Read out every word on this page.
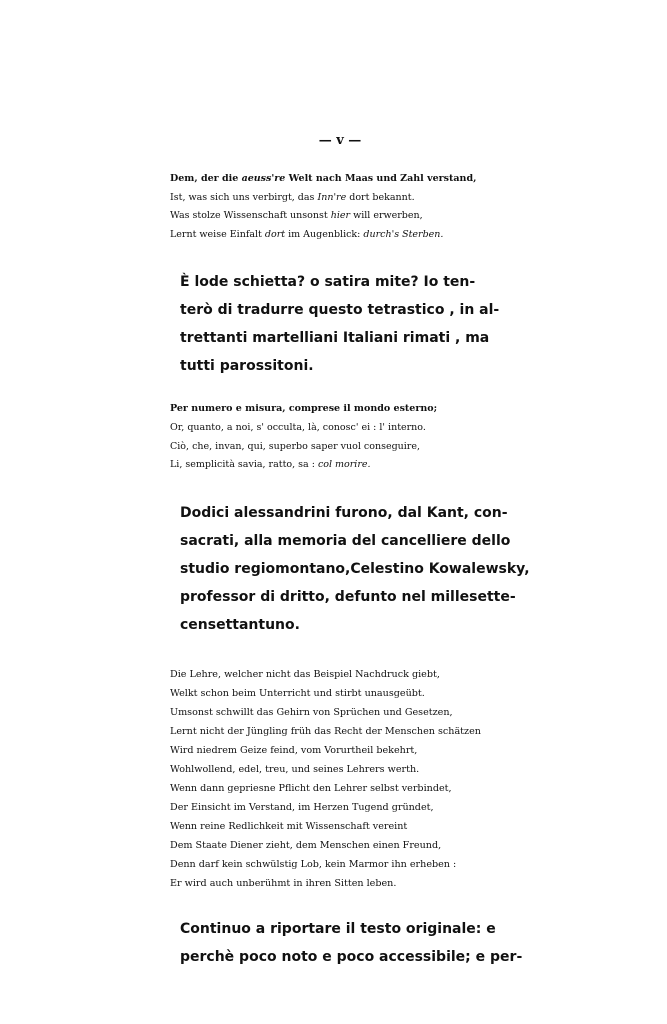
— v —
Dem, der die aeuss're Welt nach Maas und Zahl verstand,
Ist, was sich uns verbirgt, das Inn're dort bekannt.
Was stolze Wissenschaft unsonst hier will erwerben,
Lernt weise Einfalt dort im Augenblick: durch's Sterben.
È lode schietta? o satira mite? Io ten-
terò di tradurre questo tetrastico , in al-
trettanti martelliani Italiani rimati , ma
tutti parossitoni.
Per numero e misura, comprese il mondo esterno;
Or, quanto, a noi, s' occulta, là, conosc' ei : l' interno.
Ciò, che, invan, qui, superbo saper vuol conseguire,
Li, semplicità savia, ratto, sa : col morire.
Dodici alessandrini furono, dal Kant, con-
sacrati, alla memoria del cancelliere dello
studio regiomontano,Celestino Kowalewsky,
professor di dritto, defunto nel millesette-
censettantuno.
Die Lehre, welcher nicht das Beispiel Nachdruck giebt,
Welkt schon beim Unterricht und stirbt unausgeübt.
Umsonst schwillt das Gehirn von Sprüchen und Gesetzen,
Lernt nicht der Jüngling früh das Recht der Menschen schätzen
Wird niedrem Geize feind, vom Vorurtheil bekehrt,
Wohlwollend, edel, treu, und seines Lehrers werth.
Wenn dann gepriesne Pflicht den Lehrer selbst verbindet,
Der Einsicht im Verstand, im Herzen Tugend gründet,
Wenn reine Redlichkeit mit Wissenschaft vereint
Dem Staate Diener zieht, dem Menschen einen Freund,
Denn darf kein schwülstig Lob, kein Marmor ihn erheben :
Er wird auch unberühmt in ihren Sitten leben.
Continuo a riportare il testo originale: e
perchè poco noto e poco accessibile; e per-
